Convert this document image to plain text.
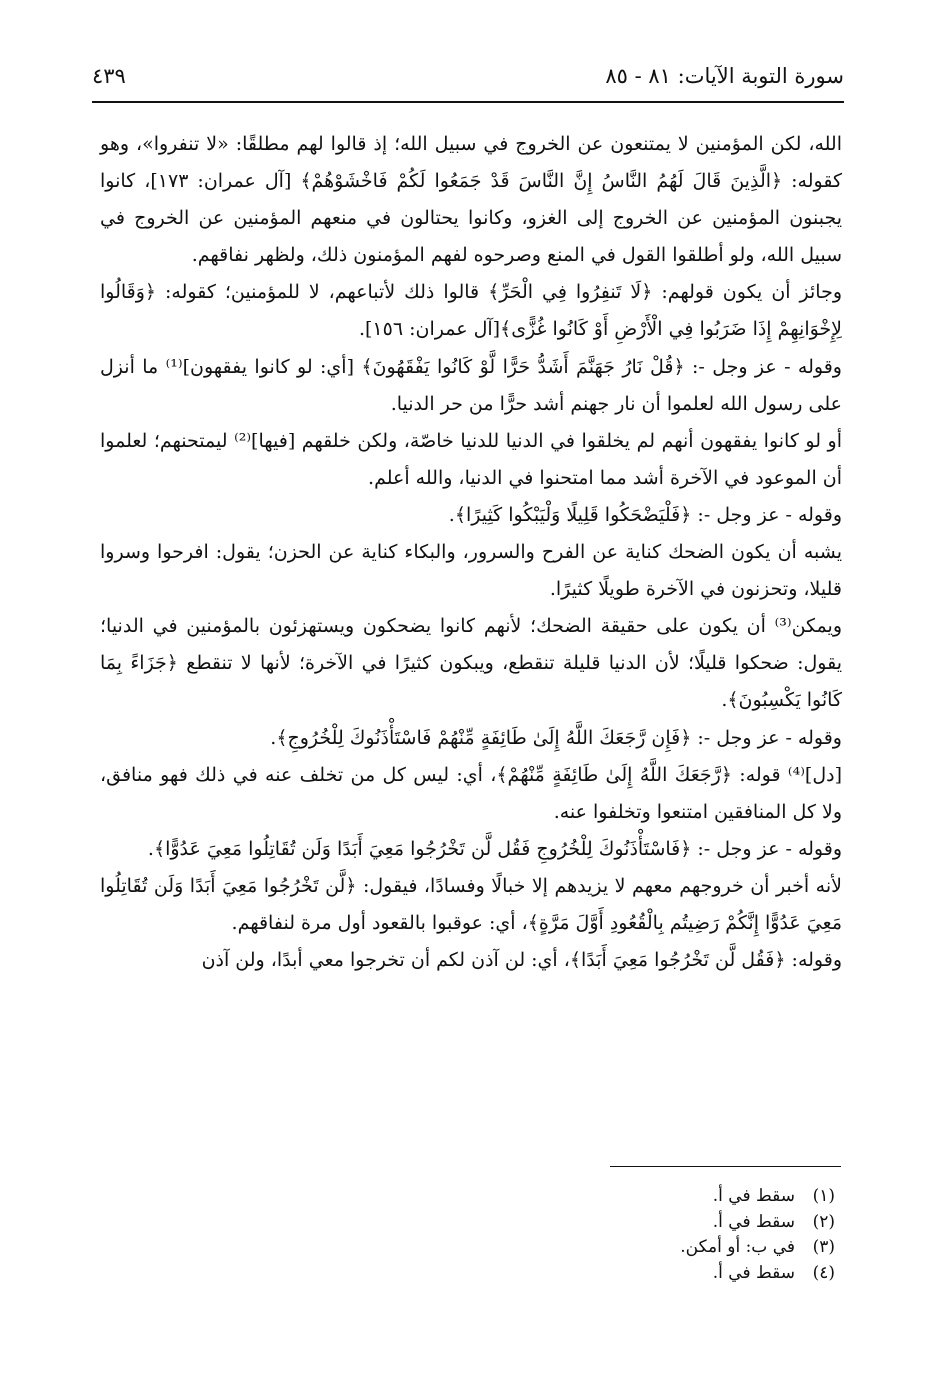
سورة التوبة الآيات: ٨١ - ٨٥
٤٣٩

الله، لكن المؤمنين لا يمتنعون عن الخروج في سبيل الله؛ إذ قالوا لهم مطلقًا: «لا تنفروا»، وهو كقوله: ﴿الَّذِينَ قَالَ لَهُمُ النَّاسُ إِنَّ النَّاسَ قَدْ جَمَعُوا لَكُمْ فَاخْشَوْهُمْ﴾ [آل عمران: ١٧٣]، كانوا يجبنون المؤمنين عن الخروج إلى الغزو، وكانوا يحتالون في منعهم المؤمنين عن الخروج في سبيل الله، ولو أطلقوا القول في المنع وصرحوه لفهم المؤمنون ذلك، ولظهر نفاقهم.

وجائز أن يكون قولهم: ﴿لَا تَنفِرُوا فِي الْحَرِّ﴾ قالوا ذلك لأتباعهم، لا للمؤمنين؛ كقوله: ﴿وَقَالُوا لِإِخْوَانِهِمْ إِذَا ضَرَبُوا فِي الْأَرْضِ أَوْ كَانُوا غُزًّى﴾[آل عمران: ١٥٦].

وقوله - عز وجل -: ﴿قُلْ نَارُ جَهَنَّمَ أَشَدُّ حَرًّا لَّوْ كَانُوا يَفْقَهُونَ﴾ [أي: لو كانوا يفقهون]⁽¹⁾ ما أنزل على رسول الله لعلموا أن نار جهنم أشد حرًّا من حر الدنيا.

أو لو كانوا يفقهون أنهم لم يخلقوا في الدنيا للدنيا خاصّة، ولكن خلقهم [فيها]⁽²⁾ ليمتحنهم؛ لعلموا أن الموعود في الآخرة أشد مما امتحنوا في الدنيا، والله أعلم.

وقوله - عز وجل -: ﴿فَلْيَضْحَكُوا قَلِيلًا وَلْيَبْكُوا كَثِيرًا﴾.

يشبه أن يكون الضحك كناية عن الفرح والسرور، والبكاء كناية عن الحزن؛ يقول: افرحوا وسروا قليلا، وتحزنون في الآخرة طويلًا كثيرًا.

ويمكن⁽³⁾ أن يكون على حقيقة الضحك؛ لأنهم كانوا يضحكون ويستهزئون بالمؤمنين في الدنيا؛ يقول: ضحكوا قليلًا؛ لأن الدنيا قليلة تنقطع، ويبكون كثيرًا في الآخرة؛ لأنها لا تنقطع ﴿جَزَاءً بِمَا كَانُوا يَكْسِبُونَ﴾.

وقوله - عز وجل -: ﴿فَإِن رَّجَعَكَ اللَّهُ إِلَىٰ طَائِفَةٍ مِّنْهُمْ فَاسْتَأْذَنُوكَ لِلْخُرُوجِ﴾.

[دل]⁽⁴⁾ قوله: ﴿رَّجَعَكَ اللَّهُ إِلَىٰ طَائِفَةٍ مِّنْهُمْ﴾، أي: ليس كل من تخلف عنه في ذلك فهو منافق، ولا كل المنافقين امتنعوا وتخلفوا عنه.

وقوله - عز وجل -: ﴿فَاسْتَأْذَنُوكَ لِلْخُرُوجِ فَقُل لَّن تَخْرُجُوا مَعِيَ أَبَدًا وَلَن تُقَاتِلُوا مَعِيَ عَدُوًّا﴾.

لأنه أخبر أن خروجهم معهم لا يزيدهم إلا خبالًا وفسادًا، فيقول: ﴿لَّن تَخْرُجُوا مَعِيَ أَبَدًا وَلَن تُقَاتِلُوا مَعِيَ عَدُوًّا إِنَّكُمْ رَضِيتُم بِالْقُعُودِ أَوَّلَ مَرَّةٍ﴾، أي: عوقبوا بالقعود أول مرة لنفاقهم.

وقوله: ﴿فَقُل لَّن تَخْرُجُوا مَعِيَ أَبَدًا﴾، أي: لن آذن لكم أن تخرجوا معي أبدًا، ولن آذن

(١)سقط في أ.
(٢)سقط في أ.
(٣)في ب: أو أمكن.
(٤)سقط في أ.
